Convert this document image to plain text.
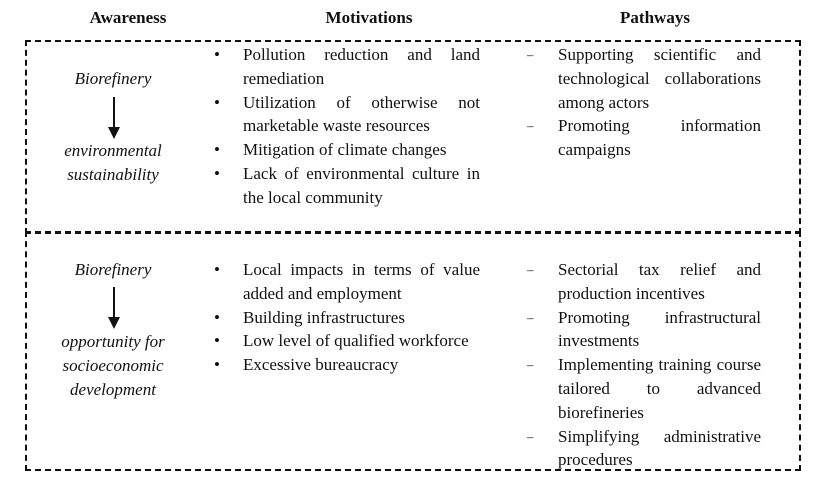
Awareness	Motivations	Pathways
Biorefinery
environmental
sustainability
• Pollution reduction and land remediation
• Utilization of otherwise not marketable waste resources
• Mitigation of climate changes
• Lack of environmental culture in the local community
– Supporting scientific and technological collaborations among actors
– Promoting information campaigns
Biorefinery
opportunity for
socioeconomic
development
• Local impacts in terms of value added and employment
• Building infrastructures
• Low level of qualified workforce
• Excessive bureaucracy
– Sectorial tax relief and production incentives
– Promoting infrastructural investments
– Implementing training course tailored to advanced biorefineries
– Simplifying administrative procedures
